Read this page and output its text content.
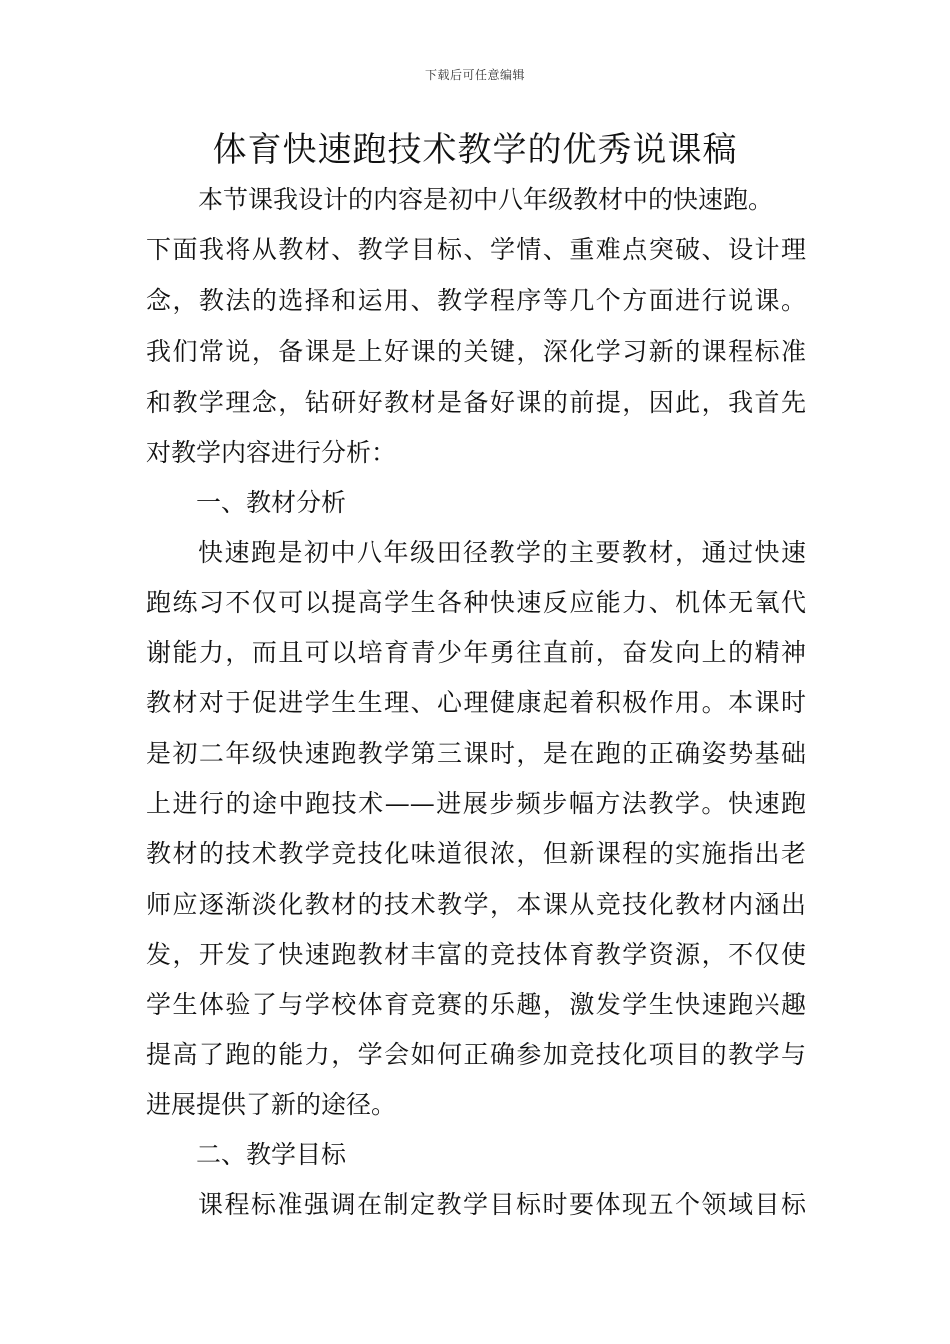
下载后可任意编辑
体育快速跑技术教学的优秀说课稿

本节课我设计的内容是初中八年级教材中的快速跑。

下面我将从教材、教学目标、学情、重难点突破、设计理

念，教法的选择和运用、教学程序等几个方面进行说课。

我们常说，备课是上好课的关键，深化学习新的课程标准

和教学理念，钻研好教材是备好课的前提，因此，我首先

对教学内容进行分析：

一、教材分析

快速跑是初中八年级田径教学的主要教材，通过快速

跑练习不仅可以提高学生各种快速反应能力、机体无氧代

谢能力，而且可以培育青少年勇往直前，奋发向上的精神

教材对于促进学生生理、心理健康起着积极作用。本课时

是初二年级快速跑教学第三课时，是在跑的正确姿势基础

上进行的途中跑技术——进展步频步幅方法教学。快速跑

教材的技术教学竞技化味道很浓，但新课程的实施指出老

师应逐渐淡化教材的技术教学，本课从竞技化教材内涵出

发，开发了快速跑教材丰富的竞技体育教学资源，不仅使

学生体验了与学校体育竞赛的乐趣，激发学生快速跑兴趣

提高了跑的能力，学会如何正确参加竞技化项目的教学与

进展提供了新的途径。

二、教学目标

课程标准强调在制定教学目标时要体现五个领域目标
